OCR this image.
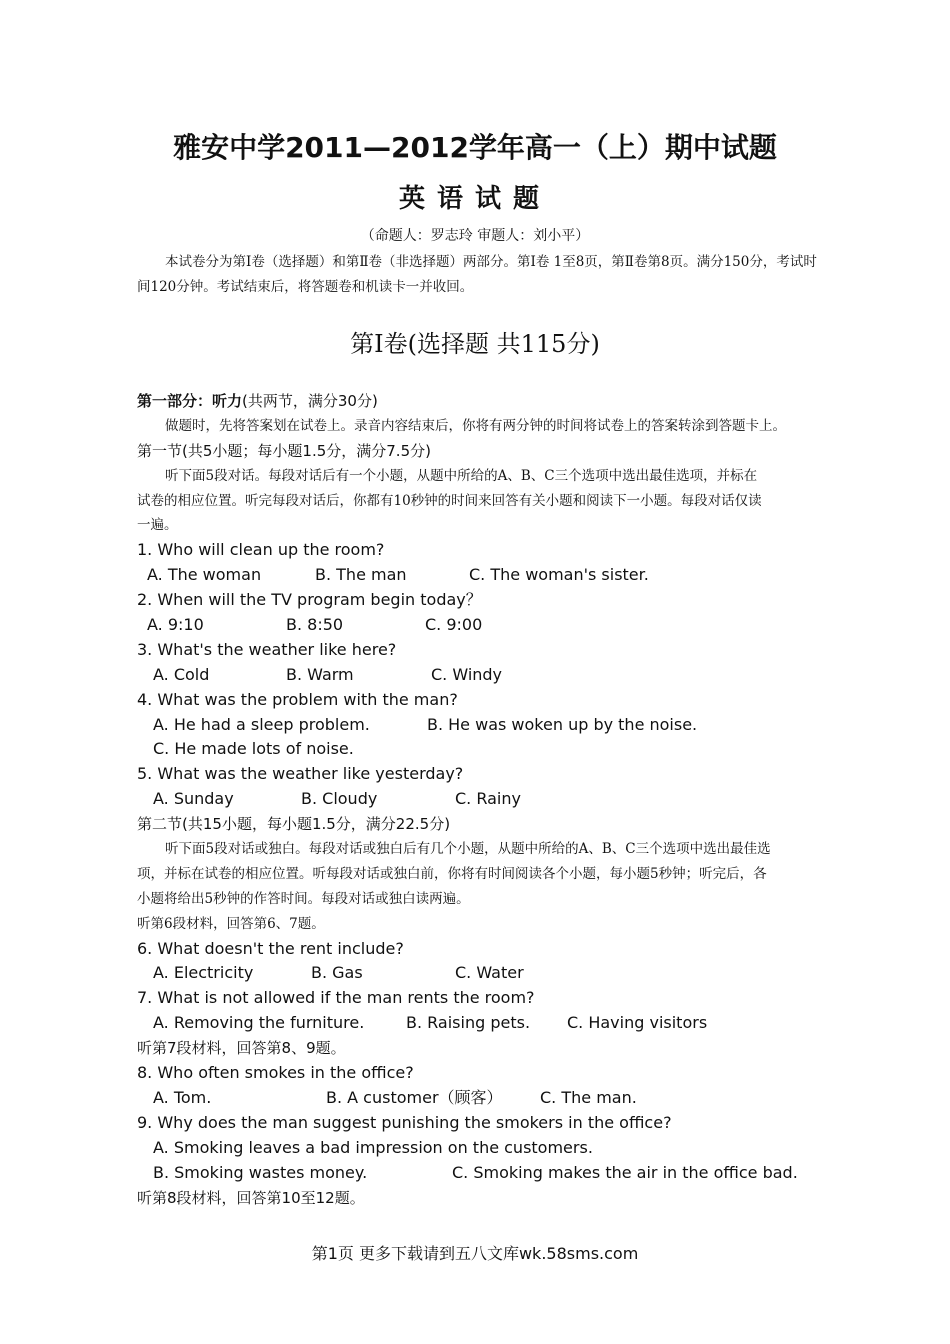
雅安中学2011—2012学年高一（上）期中试题
英语试题
（命题人：罗志玲 审题人：刘小平）
本试卷分为第Ⅰ卷（选择题）和第Ⅱ卷（非选择题）两部分。第Ⅰ卷 1至8页，第Ⅱ卷第8页。满分150分，考试时间120分钟。考试结束后，将答题卷和机读卡一并收回。
第Ⅰ卷(选择题 共115分)
第一部分：听力(共两节，满分30分)
做题时，先将答案划在试卷上。录音内容结束后，你将有两分钟的时间将试卷上的答案转涂到答题卡上。
第一节(共5小题；每小题1.5分，满分7.5分)
听下面5段对话。每段对话后有一个小题，从题中所给的A、B、C三个选项中选出最佳选项，并标在
试卷的相应位置。听完每段对话后，你都有10秒钟的时间来回答有关小题和阅读下一小题。每段对话仅读
一遍。
1. Who will clean up the room?
A. The woman	B. The man	C. The woman's sister.
2. When will the TV program begin today？
A. 9:10	B. 8:50	C. 9:00
3. What's the weather like here?
A. Cold	B. Warm	C. Windy
4. What was the problem with the man?
A. He had a sleep problem.	B. He was woken up by the noise.
C. He made lots of noise.
5. What was the weather like yesterday?
A. Sunday	B. Cloudy	C. Rainy
第二节(共15小题，每小题1.5分，满分22.5分)
听下面5段对话或独白。每段对话或独白后有几个小题，从题中所给的A、B、C三个选项中选出最佳选
项，并标在试卷的相应位置。听每段对话或独白前，你将有时间阅读各个小题，每小题5秒钟；听完后，各
小题将给出5秒钟的作答时间。每段对话或独白读两遍。
听第6段材料，回答第6、7题。
6. What doesn't the rent include?
A. Electricity	B. Gas	C. Water
7. What is not allowed if the man rents the room?
A. Removing the furniture.	B. Raising pets. C. Having visitors
听第7段材料，回答第8、9题。
8. Who often smokes in the office?
A. Tom.	B. A customer（顾客） C. The man.
9. Why does the man suggest punishing the smokers in the office?
A. Smoking leaves a bad impression on the customers.
B. Smoking wastes money.	C. Smoking makes the air in the office bad.
听第8段材料，回答第10至12题。
第1页 更多下载请到五八文库wk.58sms.com
